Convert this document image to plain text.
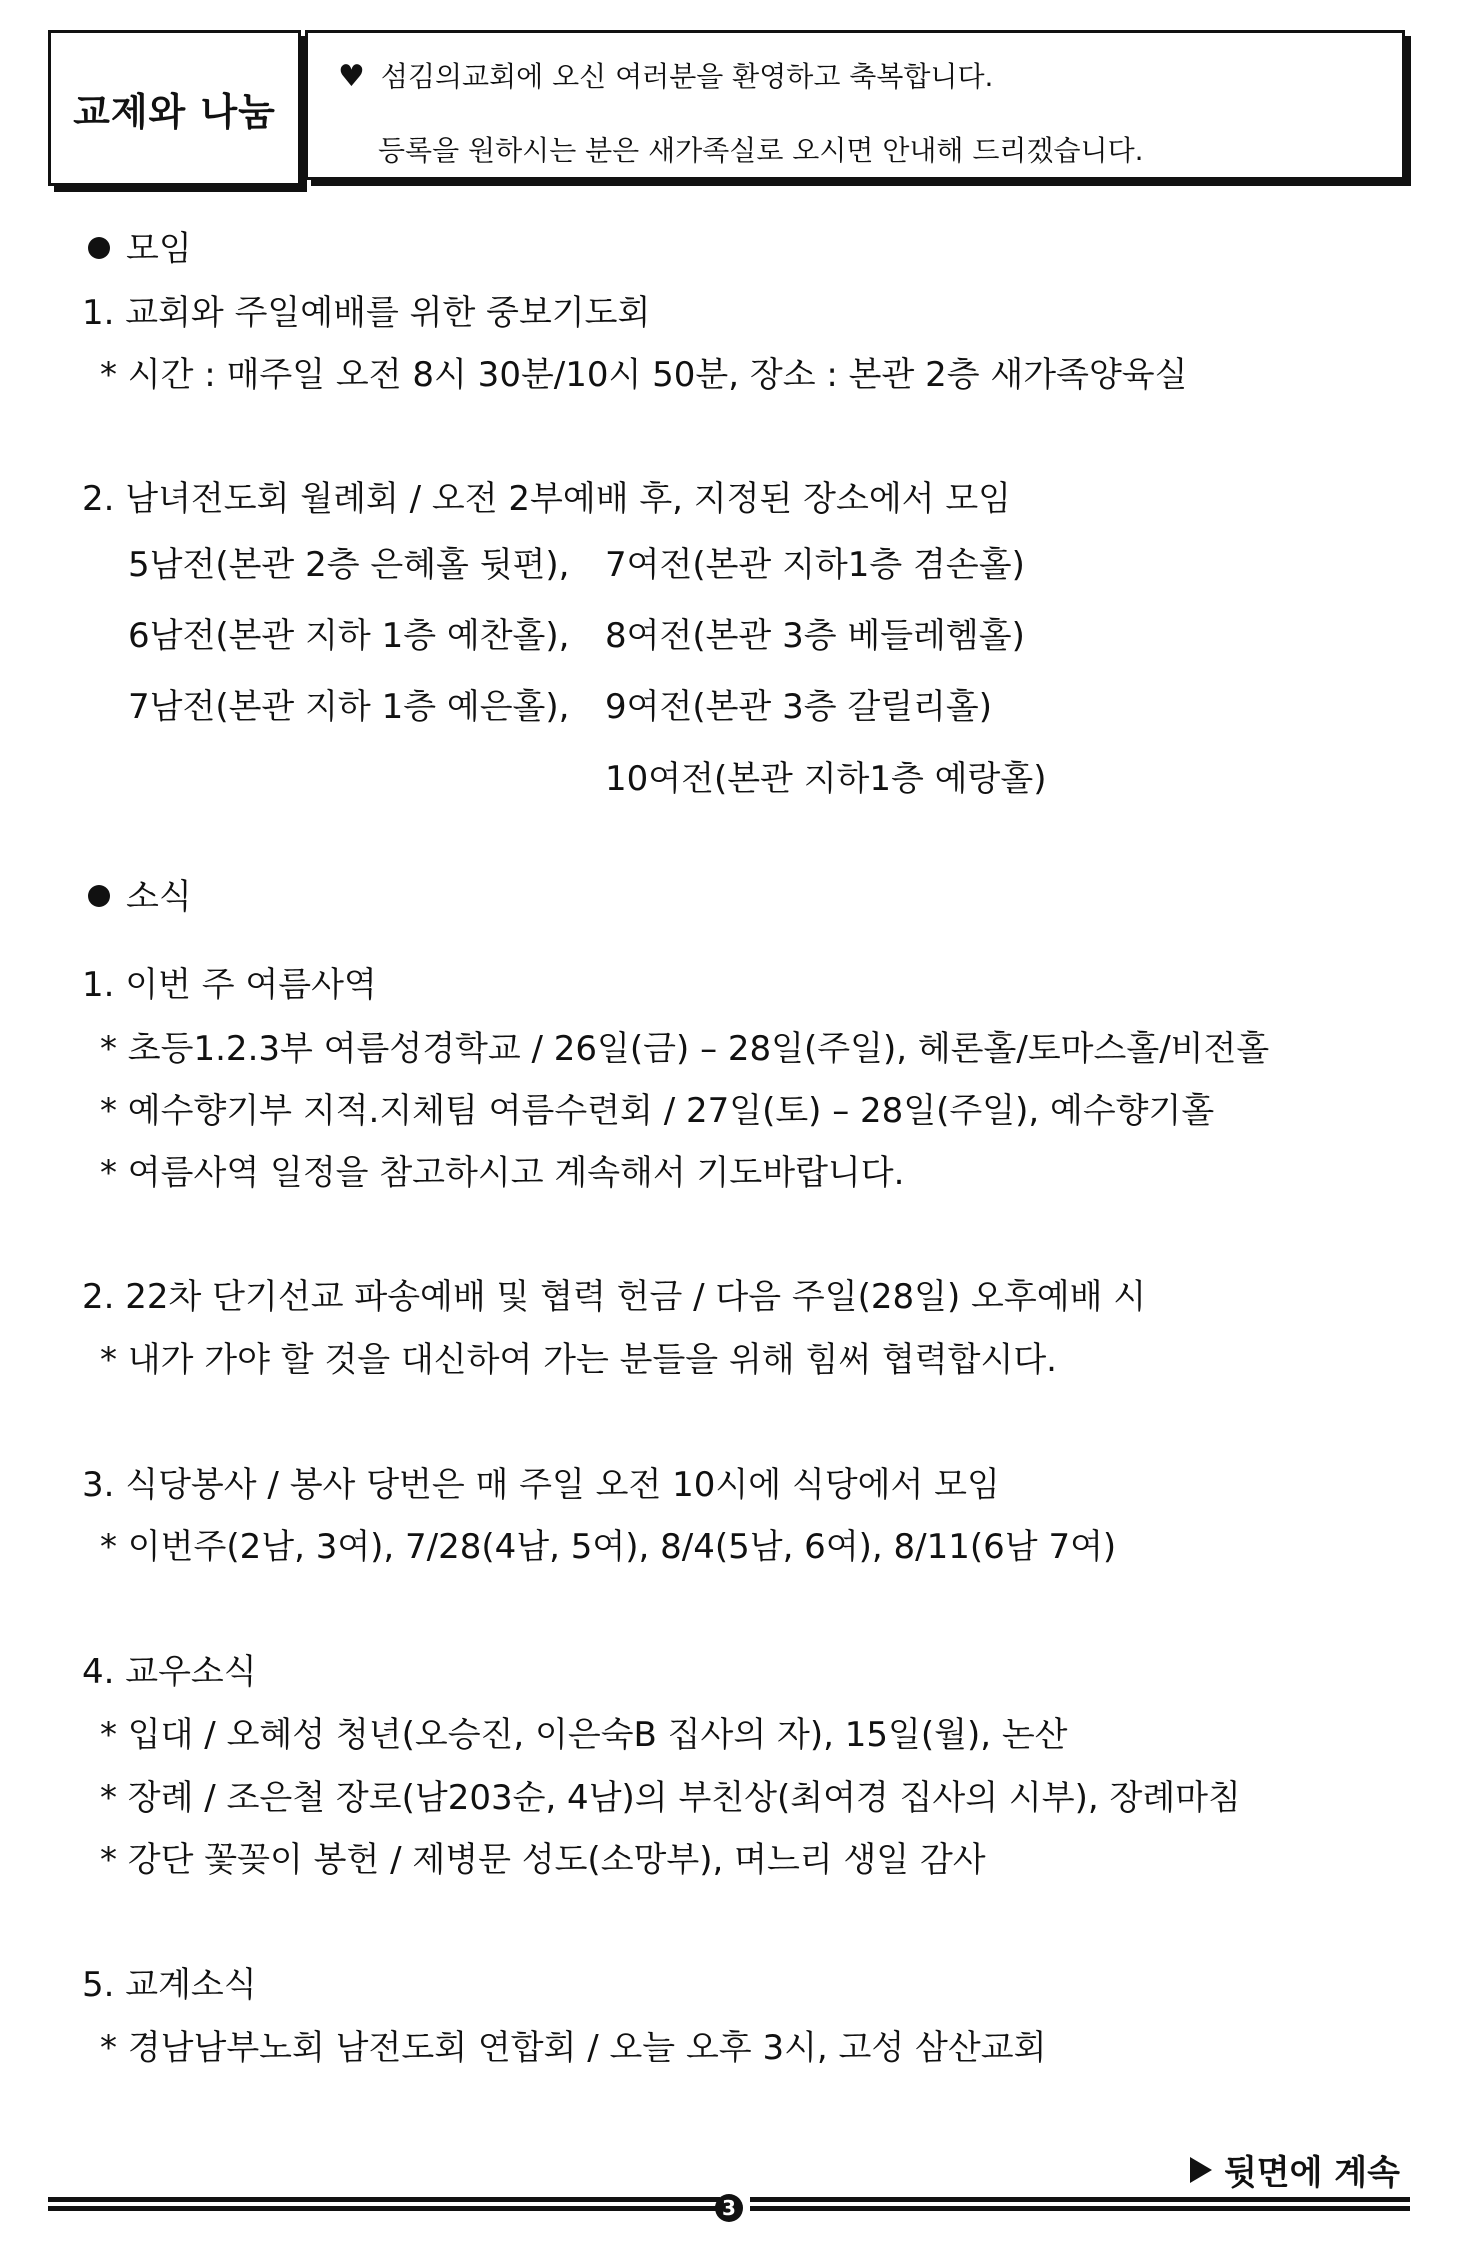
교제와 나눔
♥ 섬김의교회에 오신 여러분을 환영하고 축복합니다.
등록을 원하시는 분은 새가족실로 오시면 안내해 드리겠습니다.
모임
1. 교회와 주일예배를 위한 중보기도회
* 시간 : 매주일 오전 8시 30분/10시 50분, 장소 : 본관 2층 새가족양육실
2. 남녀전도회 월례회 / 오전 2부예배 후, 지정된 장소에서 모임
5남전(본관 2층 은혜홀 뒷편), 7여전(본관 지하1층 겸손홀)
6남전(본관 지하 1층 예찬홀), 8여전(본관 3층 베들레헴홀)
7남전(본관 지하 1층 예은홀), 9여전(본관 3층 갈릴리홀)
10여전(본관 지하1층 예랑홀)
소식
1. 이번 주 여름사역
* 초등1.2.3부 여름성경학교 / 26일(금) – 28일(주일), 헤론홀/토마스홀/비전홀
* 예수향기부 지적.지체팀 여름수련회 / 27일(토) – 28일(주일), 예수향기홀
* 여름사역 일정을 참고하시고 계속해서 기도바랍니다.
2. 22차 단기선교 파송예배 및 협력 헌금 / 다음 주일(28일) 오후예배 시
* 내가 가야 할 것을 대신하여 가는 분들을 위해 힘써 협력합시다.
3. 식당봉사 / 봉사 당번은 매 주일 오전 10시에 식당에서 모임
* 이번주(2남, 3여), 7/28(4남, 5여), 8/4(5남, 6여), 8/11(6남 7여)
4. 교우소식
* 입대 / 오혜성 청년(오승진, 이은숙B 집사의 자), 15일(월), 논산
* 장례 / 조은철 장로(남203순, 4남)의 부친상(최여경 집사의 시부), 장례마침
* 강단 꽃꽂이 봉헌 / 제병문 성도(소망부), 며느리 생일 감사
5. 교계소식
* 경남남부노회 남전도회 연합회 / 오늘 오후 3시, 고성 삼산교회
뒷면에 계속
3
